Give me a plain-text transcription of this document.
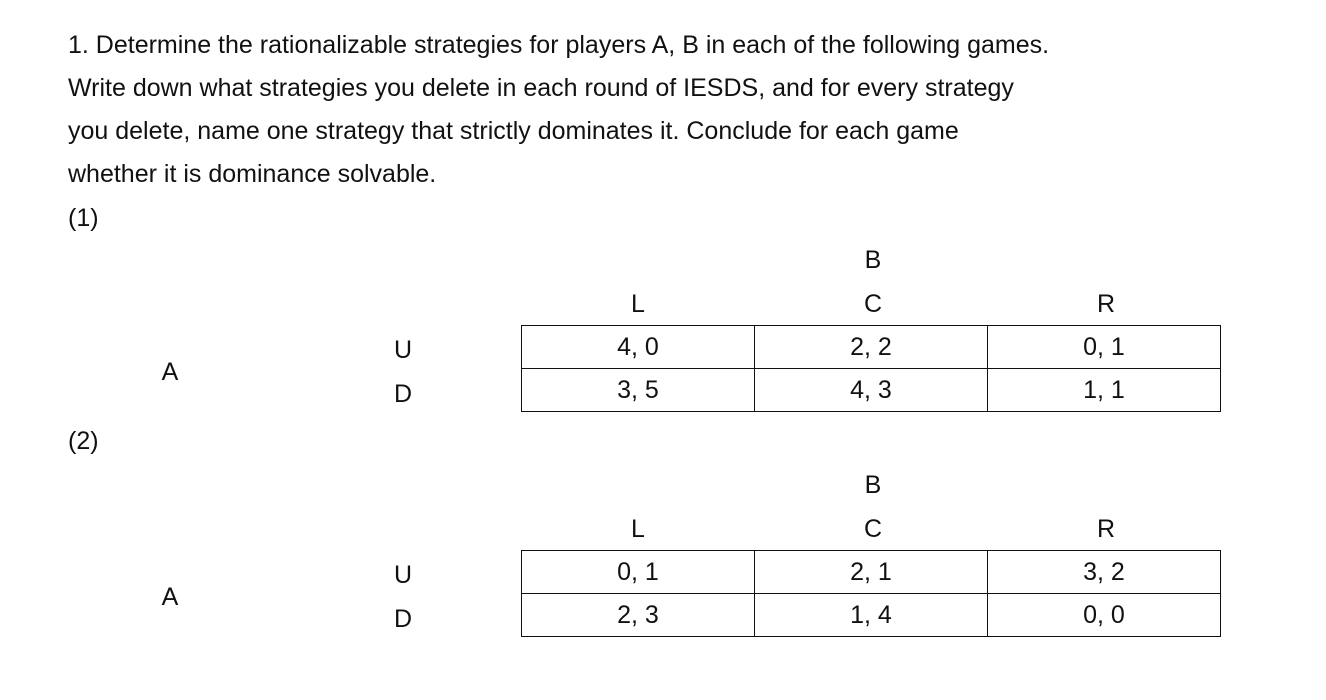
1. Determine the rationalizable strategies for players A, B in each of the following games.

Write down what strategies you delete in each round of IESDS, and for every strategy

you delete, name one strategy that strictly dominates it. Conclude for each game

whether it is dominance solvable.

(1)
B
L	C	R
A
U
D
4, 0	2, 2	0, 1
3, 5	4, 3	1, 1
(2)
B
L	C	R
A
U
D
0, 1	2, 1	3, 2
2, 3	1, 4	0, 0
